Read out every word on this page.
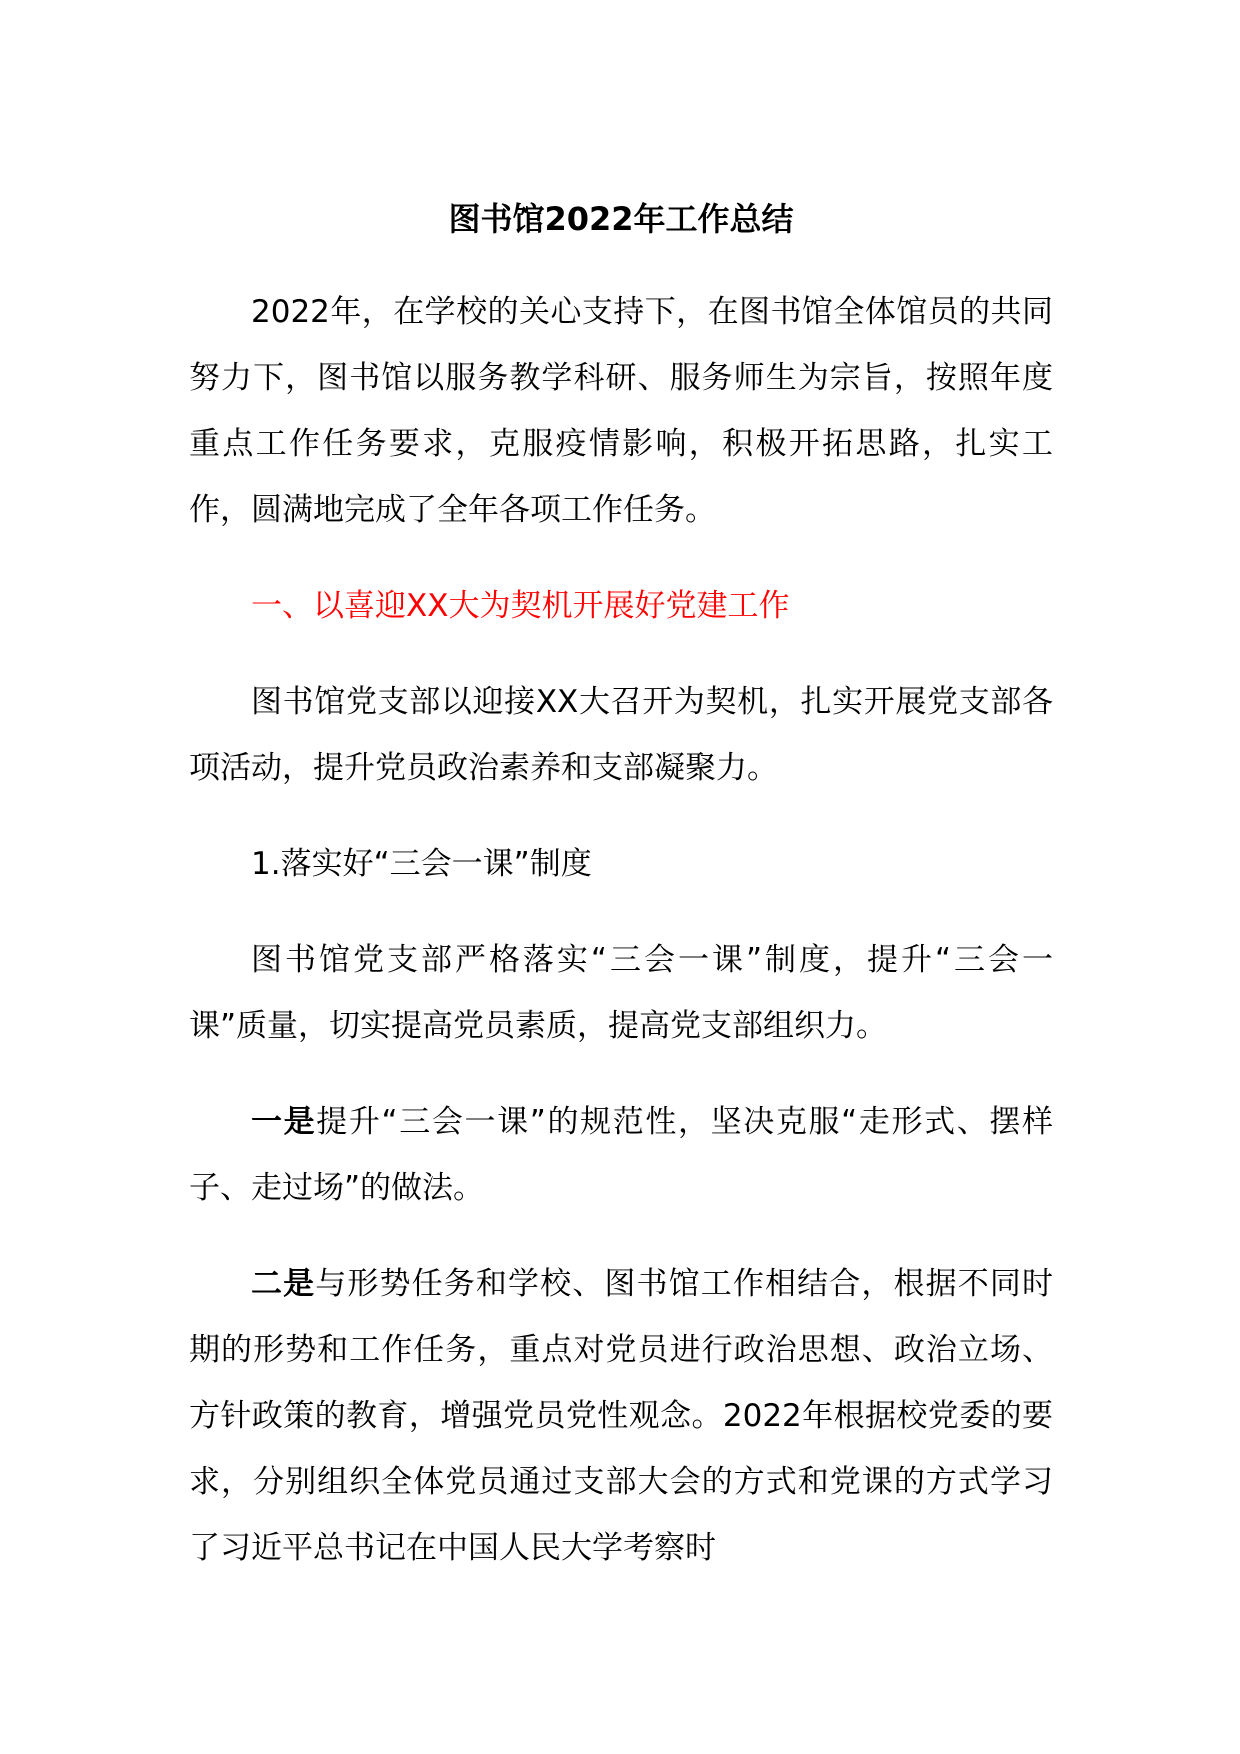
图书馆2022年工作总结

2022年，在学校的关心支持下，在图书馆全体馆员的共同努力下，图书馆以服务教学科研、服务师生为宗旨，按照年度重点工作任务要求，克服疫情影响，积极开拓思路，扎实工作，圆满地完成了全年各项工作任务。

一、以喜迎XX大为契机开展好党建工作

图书馆党支部以迎接XX大召开为契机，扎实开展党支部各项活动，提升党员政治素养和支部凝聚力。

1.落实好“三会一课”制度

图书馆党支部严格落实“三会一课”制度，提升“三会一课”质量，切实提高党员素质，提高党支部组织力。

一是提升“三会一课”的规范性，坚决克服“走形式、摆样子、走过场”的做法。

二是与形势任务和学校、图书馆工作相结合，根据不同时期的形势和工作任务，重点对党员进行政治思想、政治立场、方针政策的教育，增强党员党性观念。2022年根据校党委的要求，分别组织全体党员通过支部大会的方式和党课的方式学习了习近平总书记在中国人民大学考察时
